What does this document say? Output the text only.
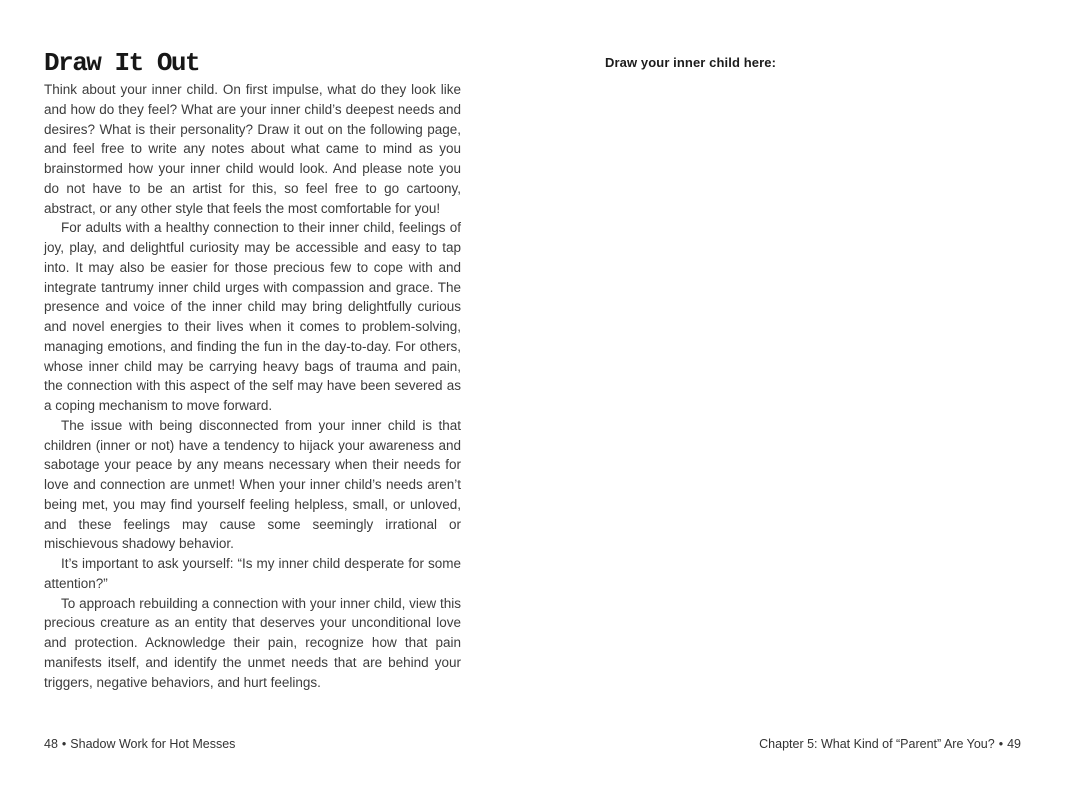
Draw It Out

Think about your inner child. On first impulse, what do they look like and how do they feel? What are your inner child’s deepest needs and desires? What is their personality? Draw it out on the following page, and feel free to write any notes about what came to mind as you brainstormed how your inner child would look. And please note you do not have to be an artist for this, so feel free to go cartoony, abstract, or any other style that feels the most comfortable for you!

For adults with a healthy connection to their inner child, feelings of joy, play, and delightful curiosity may be accessible and easy to tap into. It may also be easier for those precious few to cope with and integrate tantrumy inner child urges with compassion and grace. The presence and voice of the inner child may bring delightfully curious and novel energies to their lives when it comes to problem-solving, managing emotions, and finding the fun in the day-to-day. For others, whose inner child may be carrying heavy bags of trauma and pain, the connection with this aspect of the self may have been severed as a coping mechanism to move forward.

The issue with being disconnected from your inner child is that children (inner or not) have a tendency to hijack your awareness and sabotage your peace by any means necessary when their needs for love and connection are unmet! When your inner child’s needs aren’t being met, you may find yourself feeling helpless, small, or unloved, and these feelings may cause some seemingly irrational or mischievous shadowy behavior.

It’s important to ask yourself: “Is my inner child desperate for some attention?”

To approach rebuilding a connection with your inner child, view this precious creature as an entity that deserves your unconditional love and protection. Acknowledge their pain, recognize how that pain manifests itself, and identify the unmet needs that are behind your triggers, negative behaviors, and hurt feelings.

48 • Shadow Work for Hot Messes
Draw your inner child here:
Chapter 5: What Kind of “Parent” Are You? • 49
